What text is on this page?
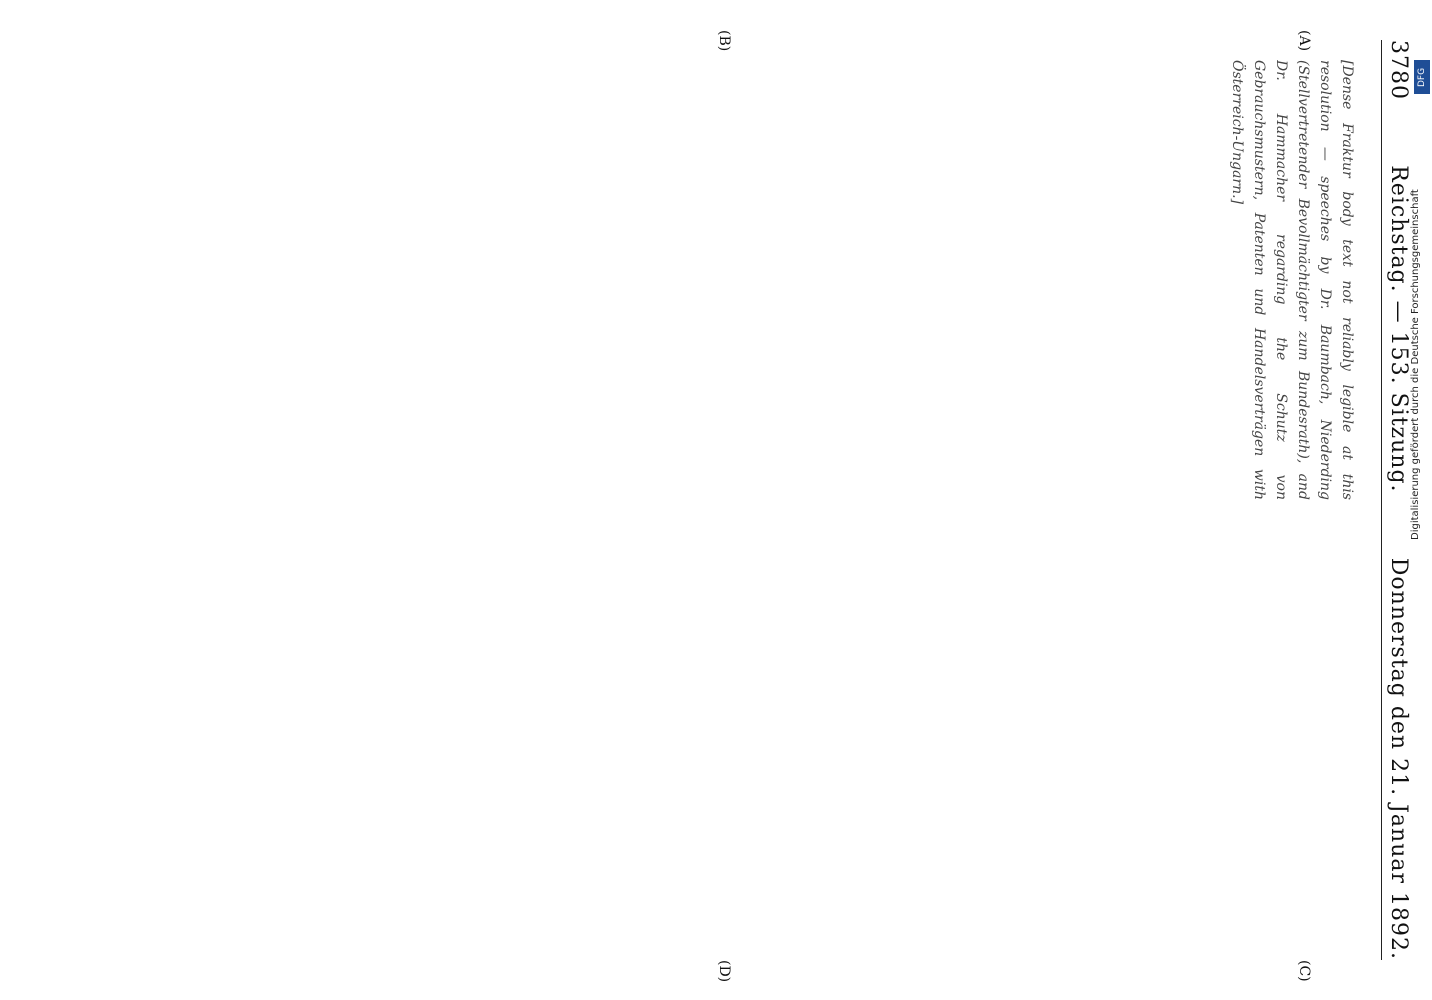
3780
Reichstag. — 153. Sitzung.
Donnerstag den 21. Januar 1892.
(A)
(B)
(C)
(D)

[Dense Fraktur body text not reliably legible at this resolution — speeches by Dr. Baumbach, Niederding (Stellvertretender Bevollmächtigter zum Bundesrath), and Dr. Hammacher regarding the Schutz von Gebrauchsmustern, Patenten und Handelsverträgen with Österreich-Ungarn.]	DFG
Digitalisierung gefördert durch die Deutsche Forschungsgemeinschaft
